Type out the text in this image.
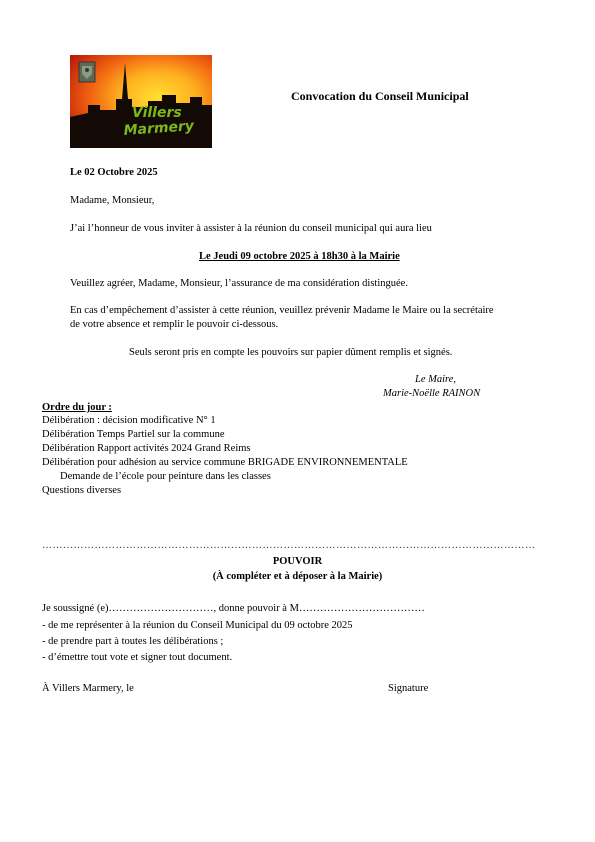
Villers
Marmery
Convocation du Conseil Municipal
Le 02 Octobre 2025
Madame, Monsieur,
J’ai l’honneur de vous inviter à assister à la réunion du conseil municipal qui aura lieu
Le Jeudi 09 octobre 2025 à 18h30 à la Mairie
Veuillez agréer, Madame, Monsieur, l’assurance de ma considération distinguée.
En cas d’empêchement d’assister à cette réunion, veuillez prévenir Madame le Maire ou la secrétaire
de votre absence et remplir le pouvoir ci-dessous.
Seuls seront pris en compte les pouvoirs sur papier dûment remplis et signés.
Le Maire,
Marie-Noëlle RAINON
Ordre du jour :
Délibération : décision modificative N° 1
Délibération Temps Partiel sur la commune
Délibération Rapport activités 2024 Grand Reims
Délibération pour adhésion au service commune BRIGADE ENVIRONNEMENTALE
Demande de l’école pour peinture dans les classes
Questions diverses
……………………………………………………………………………………………………………………………
POUVOIR
(À compléter et à déposer à la Mairie)
Je soussigné (e)…………………………, donne pouvoir à M………………………………
- de me représenter à la réunion du Conseil Municipal du 09 octobre 2025
- de prendre part à toutes les délibérations ;
- d’émettre tout vote et signer tout document.
À Villers Marmery, le	Signature
